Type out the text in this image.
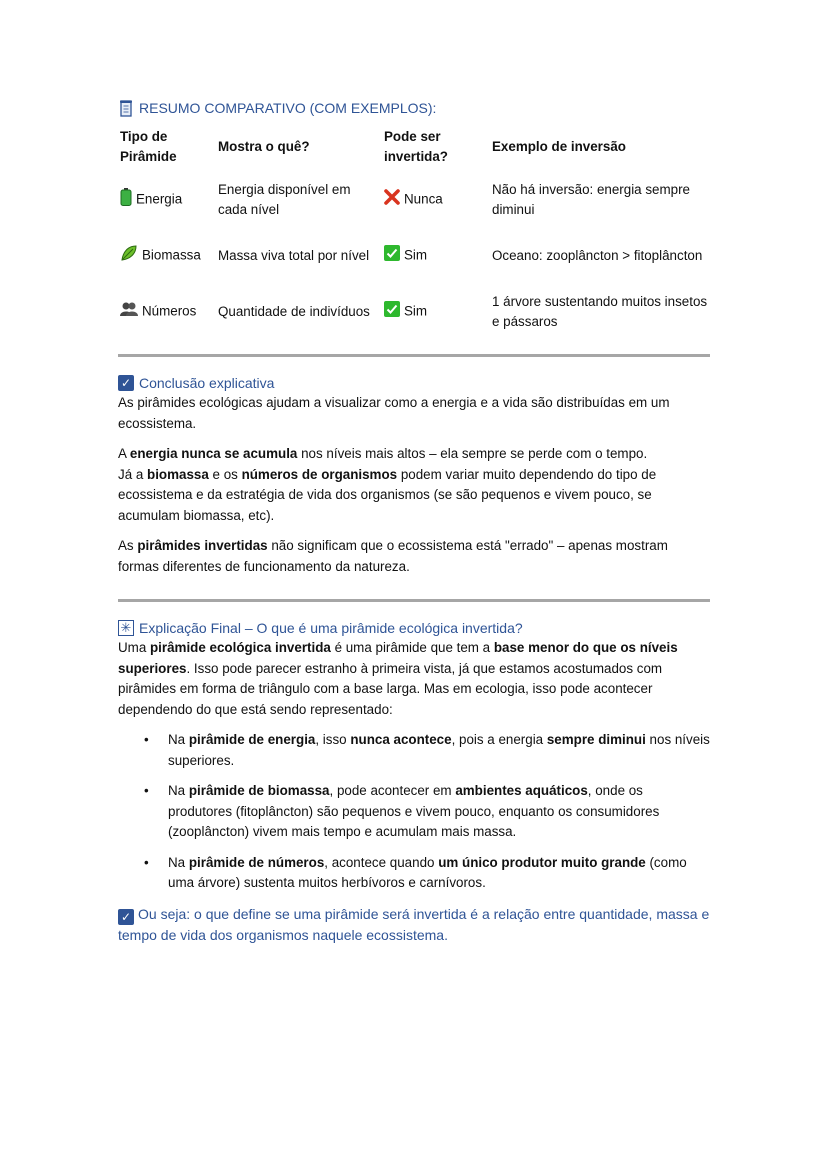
RESUMO COMPARATIVO (COM EXEMPLOS):
Tipo de Pirâmide	Mostra o quê?	Pode ser invertida?	Exemplo de inversão
Energia	Energia disponível em cada nível	Nunca	Não há inversão: energia sempre diminui
Biomassa	Massa viva total por nível	Sim	Oceano: zooplâncton > fitoplâncton
Números	Quantidade de indivíduos	Sim	1 árvore sustentando muitos insetos e pássaros
✓ Conclusão explicativa

As pirâmides ecológicas ajudam a visualizar como a energia e a vida são distribuídas em um ecossistema.

A energia nunca se acumula nos níveis mais altos – ela sempre se perde com o tempo.
Já a biomassa e os números de organismos podem variar muito dependendo do tipo de ecossistema e da estratégia de vida dos organismos (se são pequenos e vivem pouco, se acumulam biomassa, etc).

As pirâmides invertidas não significam que o ecossistema está "errado" – apenas mostram formas diferentes de funcionamento da natureza.

✳ Explicação Final – O que é uma pirâmide ecológica invertida?

Uma pirâmide ecológica invertida é uma pirâmide que tem a base menor do que os níveis superiores. Isso pode parecer estranho à primeira vista, já que estamos acostumados com pirâmides em forma de triângulo com a base larga. Mas em ecologia, isso pode acontecer dependendo do que está sendo representado:

• Na pirâmide de energia, isso nunca acontece, pois a energia sempre diminui nos níveis superiores.
• Na pirâmide de biomassa, pode acontecer em ambientes aquáticos, onde os produtores (fitoplâncton) são pequenos e vivem pouco, enquanto os consumidores (zooplâncton) vivem mais tempo e acumulam mais massa.
• Na pirâmide de números, acontece quando um único produtor muito grande (como uma árvore) sustenta muitos herbívoros e carnívoros.
✓ Ou seja: o que define se uma pirâmide será invertida é a relação entre quantidade, massa e tempo de vida dos organismos naquele ecossistema.
